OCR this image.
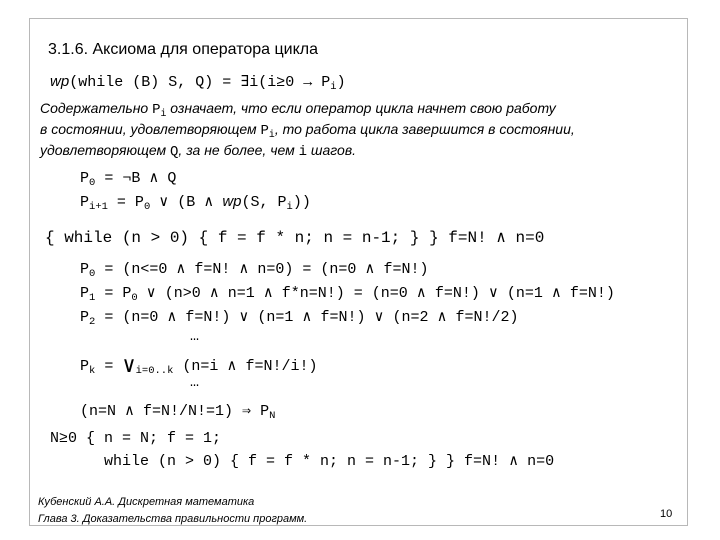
3.1.6. Аксиома для оператора цикла
wp(while (B) S, Q) = ∃i(i≥0 → $P_i$)
Содержательно $P_i$ означает, что если оператор цикла начнет свою работу
в состоянии, удовлетворяющем $P_i$, то работа цикла завершится в состоянии,
удовлетворяющем Q, за не более, чем i шагов.
$P_0$ = ¬B ∧ Q
$P_{i+1} = P_0$ ∨ (B ∧ wp(S, $P_i$))
{ while (n > 0) { f = f * n; n = n-1; } } f=N! ∧ n=0
$P_0 = (n<=0$ ∧ f=N! ∧ n=0) = (n=0 ∧ f=N!)
$P_1 = P_0$ ∨ (n>0 ∧ n=1 ∧ f*n=N!) = (n=0 ∧ f=N!) ∨ (n=1 ∧ f=N!)
$P_2 = (n=0$ ∧ f=N!) ∨ (n=1 ∧ f=N!) ∨ (n=2 ∧ f=N!/2)
…
$P_k$ = $\vee_{i=0..k}$ (n=i ∧ f=N!/i!)
…
(n=N ∧ f=N!/N!=1) ⇒ $P_N$
N≥0 { n = N; f = 1;
while (n > 0) { f = f * n; n = n-1; } } f=N! ∧ n=0
Кубенский А.А. Дискретная математика
Глава 3. Доказательства правильности программ.	10
